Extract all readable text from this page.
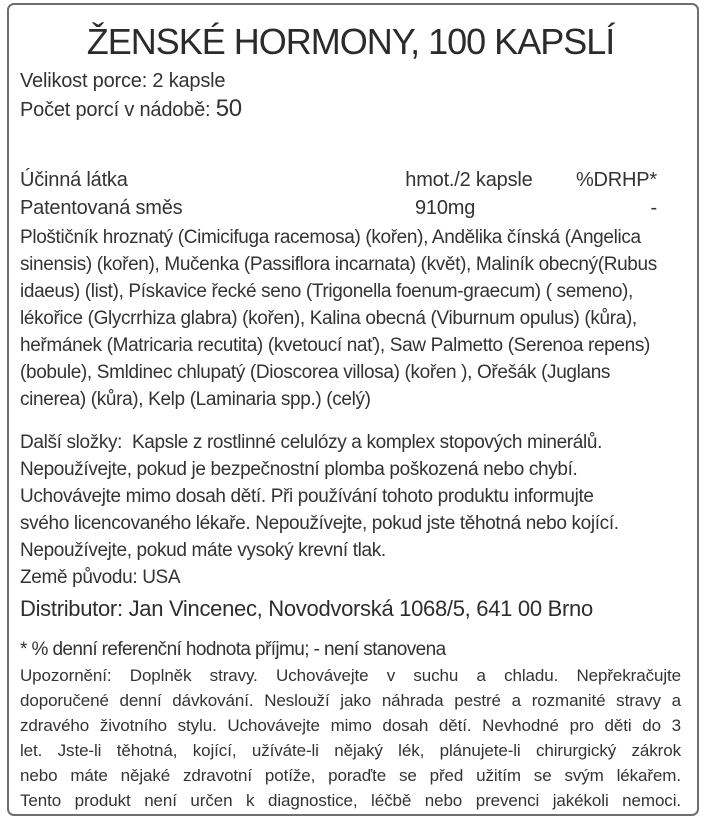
ŽENSKÉ HORMONY, 100 KAPSLÍ
Velikost porce: 2 kapsle
Počet porcí v nádobě: 50
Účinná látka	hmot./2 kapsle	%DRHP*
Patentovaná směs	910mg	-
Ploštičník hroznatý (Cimicifuga racemosa) (kořen), Andělika čínská (Angelica
sinensis) (kořen), Mučenka (Passiflora incarnata) (květ), Maliník obecný(Rubus
idaeus) (list), Pískavice řecké seno (Trigonella foenum-graecum) ( semeno),
lékořice (Glycrrhiza glabra) (kořen), Kalina obecná (Viburnum opulus) (kůra),
heřmánek (Matricaria recutita) (kvetoucí nať), Saw Palmetto (Serenoa repens)
(bobule), Smldinec chlupatý (Dioscorea villosa) (kořen ), Ořešák (Juglans
cinerea) (kůra), Kelp (Laminaria spp.) (celý)
Další složky:  Kapsle z rostlinné celulózy a komplex stopových minerálů.
Nepoužívejte, pokud je bezpečnostní plomba poškozená nebo chybí.
Uchovávejte mimo dosah dětí. Při používání tohoto produktu informujte
svého licencovaného lékaře. Nepoužívejte, pokud jste těhotná nebo kojící.
Nepoužívejte, pokud máte vysoký krevní tlak.
Země původu: USA
Distributor: Jan Vincenec, Novodvorská 1068/5, 641 00 Brno
* % denní referenční hodnota příjmu; - není stanovena
Upozornění: Doplněk stravy. Uchovávejte v suchu a chladu. Nepřekračujte
doporučené denní dávkování. Neslouží jako náhrada pestré a rozmanité stravy a
zdravého životního stylu. Uchovávejte mimo dosah dětí. Nevhodné pro děti do 3
let. Jste-li těhotná, kojící, užíváte-li nějaký lék, plánujete-li chirurgický zákrok
nebo máte nějaké zdravotní potíže, poraďte se před užitím se svým lékařem.
Tento produkt není určen k diagnostice, léčbě nebo prevenci jakékoli nemoci.
